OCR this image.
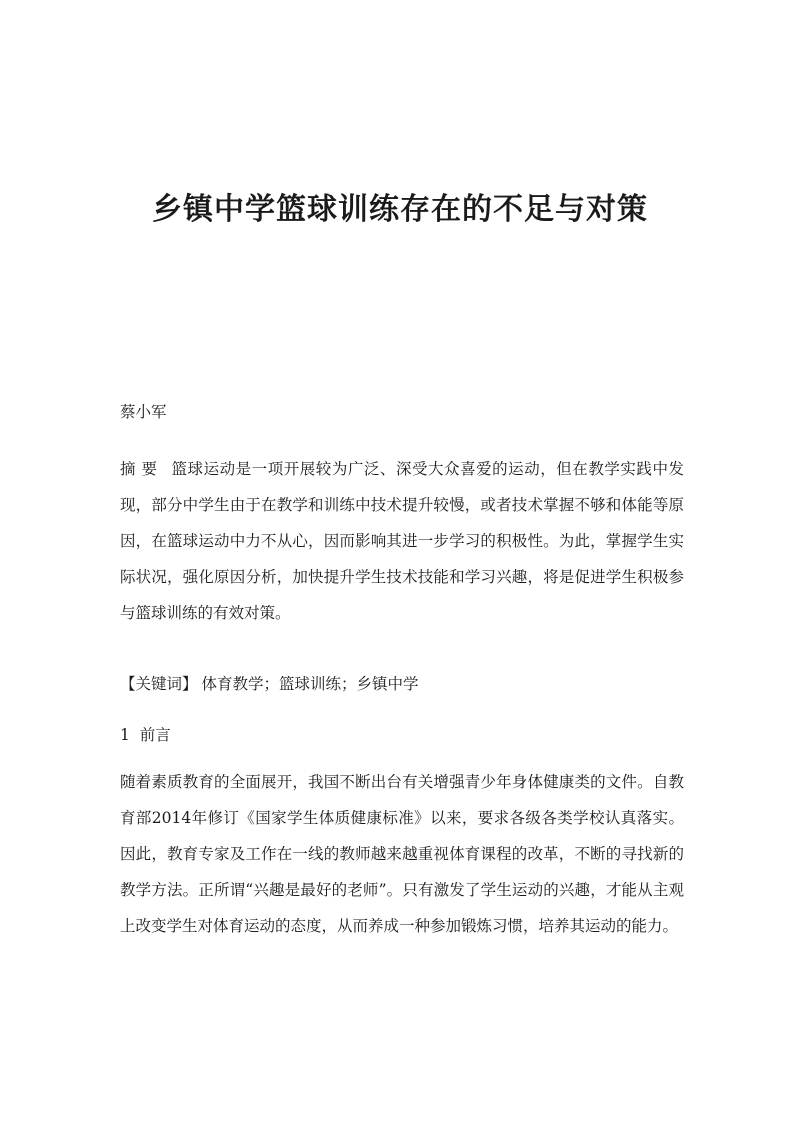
乡镇中学篮球训练存在的不足与对策
蔡小军

摘 要 篮球运动是一项开展较为广泛、深受大众喜爱的运动，但在教学实践中发现，部分中学生由于在教学和训练中技术提升较慢，或者技术掌握不够和体能等原因，在篮球运动中力不从心，因而影响其进一步学习的积极性。为此，掌握学生实际状况，强化原因分析，加快提升学生技术技能和学习兴趣，将是促进学生积极参与篮球训练的有效对策。

【关键词】 体育教学；篮球训练；乡镇中学
1  前言

随着素质教育的全面展开，我国不断出台有关增强青少年身体健康类的文件。自教育部2014年修订《国家学生体质健康标准》以来，要求各级各类学校认真落实。因此，教育专家及工作在一线的教师越来越重视体育课程的改革，不断的寻找新的教学方法。正所谓“兴趣是最好的老师”。只有激发了学生运动的兴趣，才能从主观上改变学生对体育运动的态度，从而养成一种参加锻炼习惯，培养其运动的能力。
